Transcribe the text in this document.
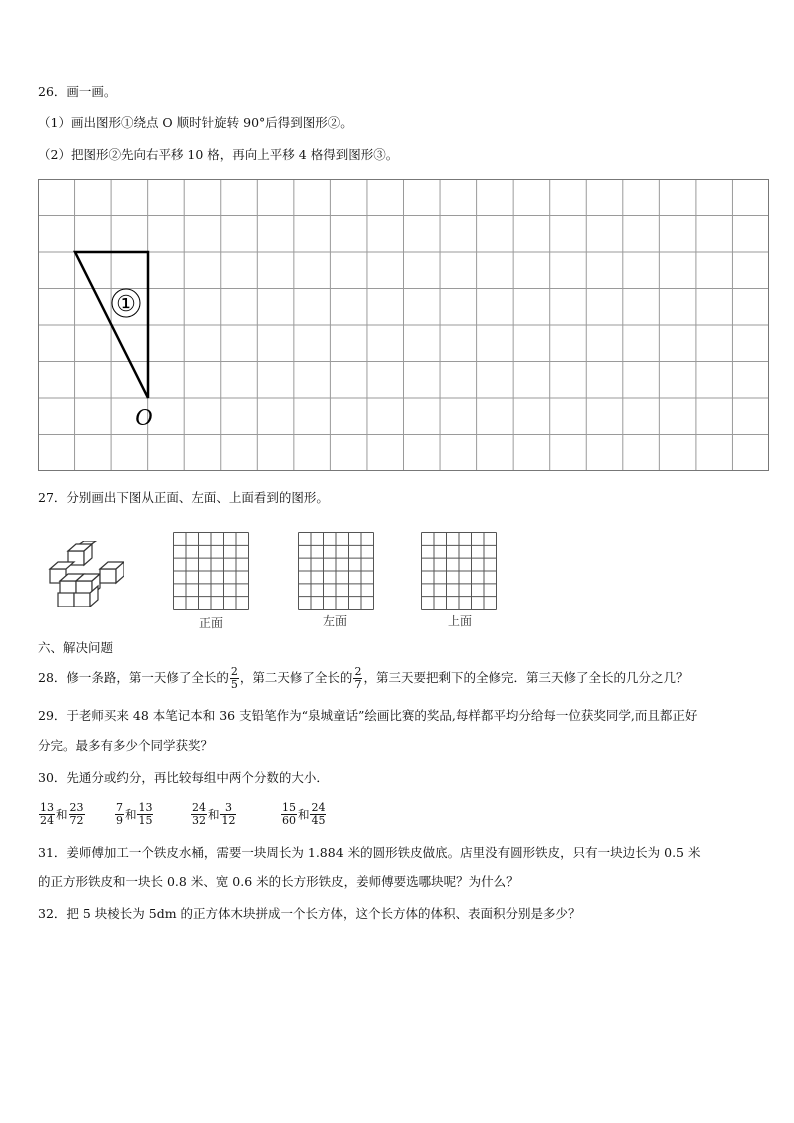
26．画一画。
（1）画出图形①绕点 O 顺时针旋转 90°后得到图形②。
（2）把图形②先向右平移 10 格，再向上平移 4 格得到图形③。
①
O
27．分别画出下图从正面、左面、上面看到的图形。
正面	左面	上面
六、解决问题
28．修一条路，第一天修了全长的 $\frac{2}{5}$ ，第二天修了全长的 $\frac{2}{7}$ ，第三天要把剩下的全修完．第三天修了全长的几分之几？
29．于老师买来 48 本笔记本和 36 支铅笔作为“泉城童话”绘画比赛的奖品,每样都平均分给每一位获奖同学,而且都正好
分完。最多有多少个同学获奖？
30．先通分或约分，再比较每组中两个分数的大小．
$\frac{13}{24}$ 和 $\frac{23}{72}$
	$\frac{7}{9}$ 和 $\frac{13}{15}$
	$\frac{24}{32}$ 和 $\frac{3}{12}$
	$\frac{15}{60}$ 和 $\frac{24}{45}$
31．姜师傅加工一个铁皮水桶，需要一块周长为 1.884 米的圆形铁皮做底。店里没有圆形铁皮，只有一块边长为 0.5 米
的正方形铁皮和一块长 0.8 米、宽 0.6 米的长方形铁皮，姜师傅要选哪块呢？为什么？
32．把 5 块棱长为 5dm 的正方体木块拼成一个长方体，这个长方体的体积、表面积分别是多少？
